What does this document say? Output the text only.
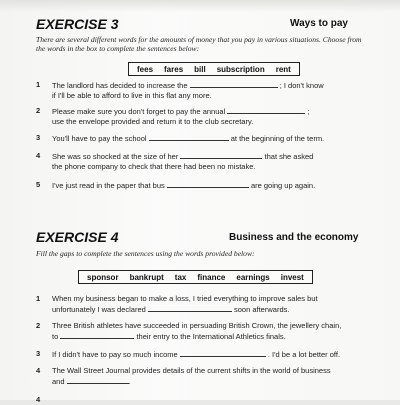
EXERCISE 3	Ways to pay
There are several different words for the amounts of money that you pay in various situations. Choose from the words in the box to complete the sentences below:
fees fares bill subscription rent
1 The landlord has decided to increase the	; I don't know
if I'll be able to afford to live in this flat any more.
2 Please make sure you don't forget to pay the annual	;
use the envelope provided and return it to the club secretary.
3 You'll have to pay the school	at the beginning of the term.
4 She was so shocked at the size of her	that she asked
the phone company to check that there had been no mistake.
5 I've just read in the paper that bus	are going up again.
EXERCISE 4	Business and the economy
Fill the gaps to complete the sentences using the words provided below:
sponsor bankrupt tax finance earnings invest
1 When my business began to make a loss, I tried everything to improve sales but
unfortunately I was declared	soon afterwards.
2 Three British athletes have succeeded in persuading British Crown, the jewellery chain,
to	their entry to the International Athletics finals.
3 If I didn't have to pay so much income	. I'd be a lot better off.
4 The Wall Street Journal provides details of the current shifts in the world of business
and	.
4
